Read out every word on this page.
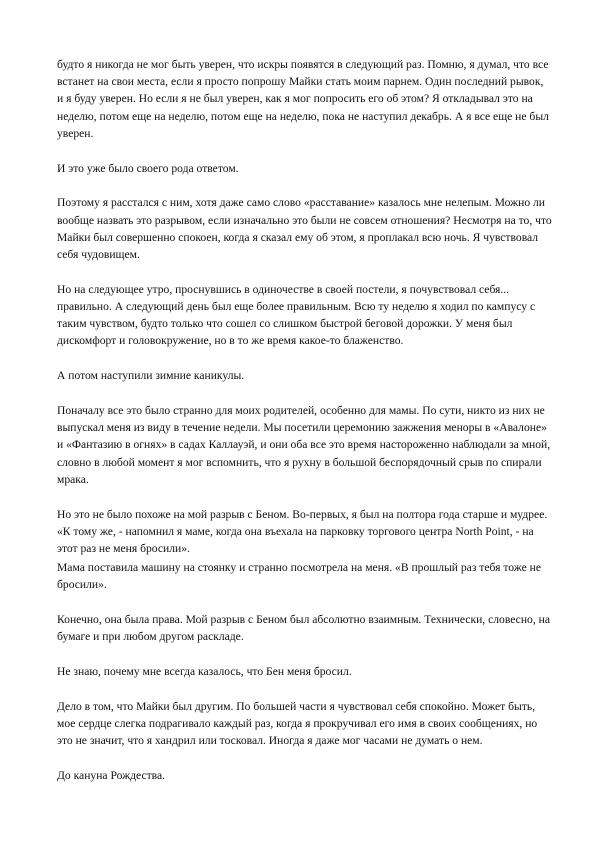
будто я никогда не мог быть уверен, что искры появятся в следующий раз. Помню, я думал, что все встанет на свои места, если я просто попрошу Майки стать моим парнем. Один последний рывок, и я буду уверен. Но если я не был уверен, как я мог попросить его об этом? Я откладывал это на неделю, потом еще на неделю, потом еще на неделю, пока не наступил декабрь. А я все еще не был уверен.

И это уже было своего рода ответом.

Поэтому я расстался с ним, хотя даже само слово «расставание» казалось мне нелепым. Можно ли вообще назвать это разрывом, если изначально это были не совсем отношения? Несмотря на то, что Майки был совершенно спокоен, когда я сказал ему об этом, я проплакал всю ночь. Я чувствовал себя чудовищем.

Но на следующее утро, проснувшись в одиночестве в своей постели, я почувствовал себя... правильно. А следующий день был еще более правильным. Всю ту неделю я ходил по кампусу с таким чувством, будто только что сошел со слишком быстрой беговой дорожки. У меня был дискомфорт и головокружение, но в то же время какое-то блаженство.

А потом наступили зимние каникулы.

Поначалу все это было странно для моих родителей, особенно для мамы. По сути, никто из них не выпускал меня из виду в течение недели. Мы посетили церемонию зажжения меноры в «Авалоне» и «Фантазию в огнях» в садах Каллауэй, и они оба все это время настороженно наблюдали за мной, словно в любой момент я мог вспомнить, что я рухну в большой беспорядочный срыв по спирали мрака.

Но это не было похоже на мой разрыв с Беном. Во-первых, я был на полтора года старше и мудрее. «К тому же, - напомнил я маме, когда она въехала на парковку торгового центра North Point, - на этот раз не меня бросили».

Мама поставила машину на стоянку и странно посмотрела на меня. «В прошлый раз тебя тоже не бросили».

Конечно, она была права. Мой разрыв с Беном был абсолютно взаимным. Технически, словесно, на бумаге и при любом другом раскладе.

Не знаю, почему мне всегда казалось, что Бен меня бросил.

Дело в том, что Майки был другим. По большей части я чувствовал себя спокойно. Может быть, мое сердце слегка подрагивало каждый раз, когда я прокручивал его имя в своих сообщениях, но это не значит, что я хандрил или тосковал. Иногда я даже мог часами не думать о нем.

До кануна Рождества.
